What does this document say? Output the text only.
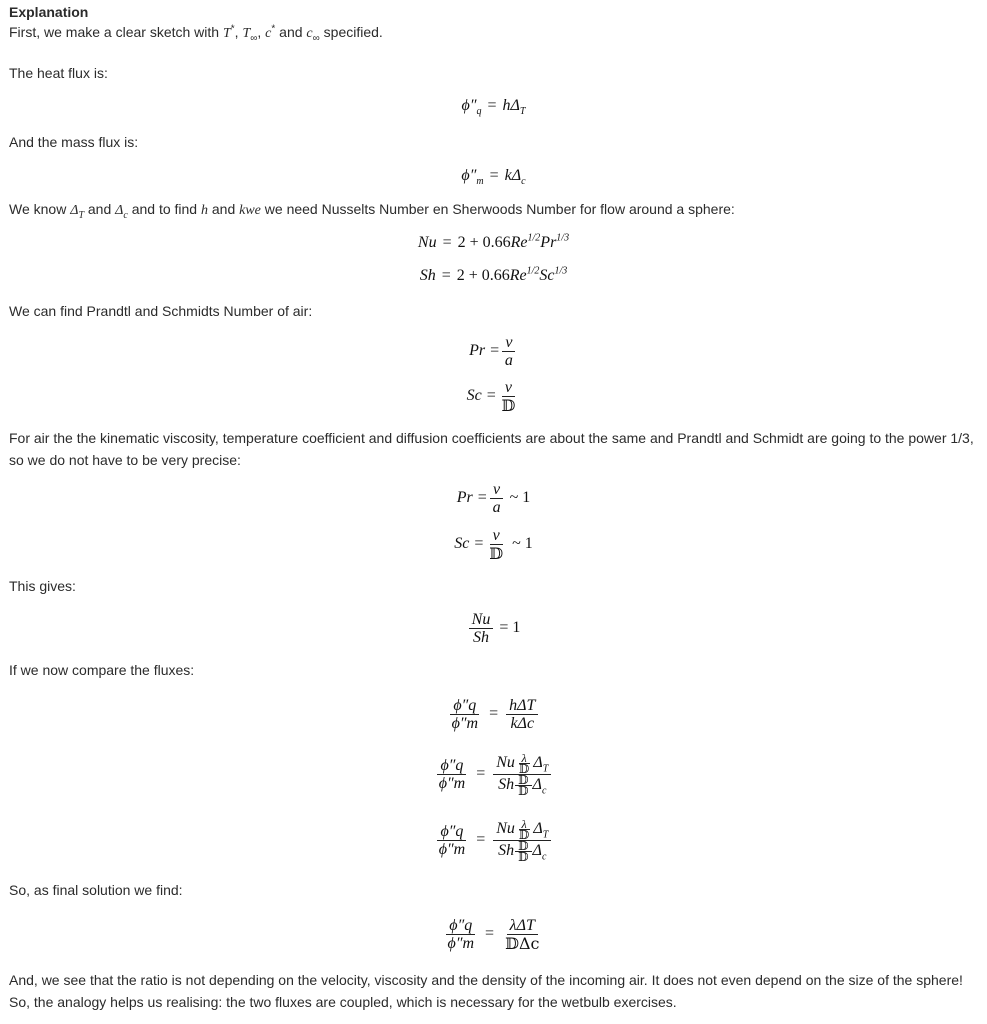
Explanation
First, we make a clear sketch with T*, $T_\infty$, c* and $c_\infty$ specified.
The heat flux is:
$\phi''_q = h\Delta_T$
And the mass flux is:
$\phi''_m = k\Delta_c$
We know $\Delta_T$ and $\Delta_c$ and to find h and kwe we need Nusselts Number en Sherwoods Number for flow around a sphere:
$Nu = 2 + 0.66Re^{1/2}Pr^{1/3}$
$Sh = 2 + 0.66Re^{1/2}Sc^{1/3}$
We can find Prandtl and Schmidts Number of air:
$Pr = \frac{\nu}{a}$
$Sc = \frac{\nu}{\text{𝔻}}$
For air the the kinematic viscosity, temperature coefficient and diffusion coefficients are about the same and Prandtl and Schmidt are going to the power 1/3, so we do not have to be very precise:
$Pr = \frac{\nu}{a}$ ~ 1
$Sc = \frac{\nu}{\text{𝔻}}$ ~ 1
This gives:
$\frac{Nu}{Sh} = 1$
If we now compare the fluxes:
$\frac{\phi''q}{\phi''m} = \frac{\text{hΔT}}{\text{kΔc}}$
$\frac{\phi''q}{\phi''m} = \frac{Nu \frac{\lambda}{\text{𝔻}} \Delta_T}{Sh \frac{\text{𝔻}}{\text{𝔻}} \Delta_c}$
$\frac{\phi''q}{\phi''m} = \frac{Nu \frac{\lambda}{\text{𝔻}} \Delta_T}{Sh \frac{\text{𝔻}}{\text{𝔻}} \Delta_c}$
So, as final solution we find:
$\frac{\phi''q}{\phi''m} = \frac{\text{λΔT}}{\text{𝔻Δc}}$
And, we see that the ratio is not depending on the velocity, viscosity and the density of the incoming air. It does not even depend on the size of the sphere! So, the analogy helps us realising: the two fluxes are coupled, which is necessary for the wetbulb exercises.
